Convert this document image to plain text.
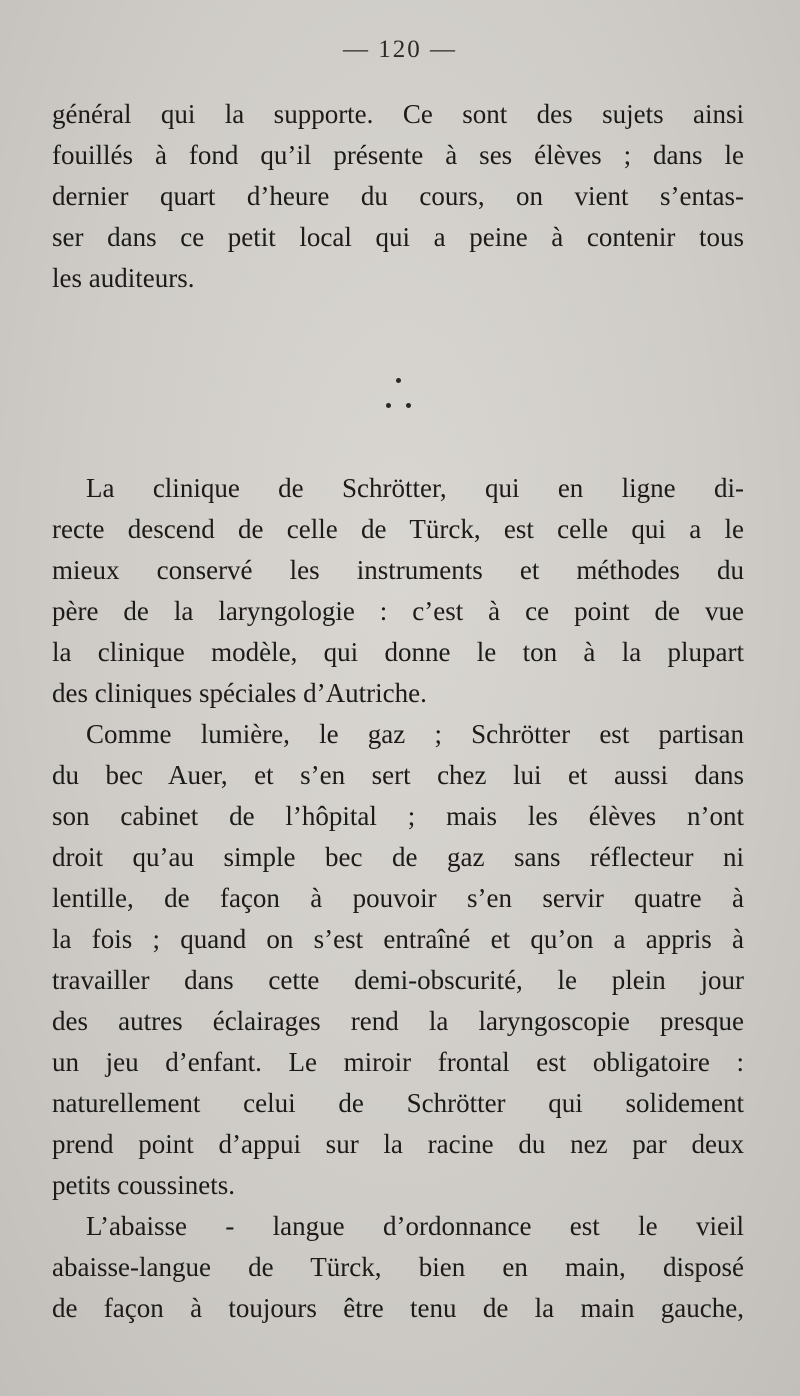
— 120 —
général qui la supporte. Ce sont des sujets ainsi
fouillés à fond qu’il présente à ses élèves ; dans le
dernier quart d’heure du cours, on vient s’entas-
ser dans ce petit local qui a peine à contenir tous
les auditeurs.
La clinique de Schrötter, qui en ligne di-
recte descend de celle de Türck, est celle qui a le
mieux conservé les instruments et méthodes du
père de la laryngologie : c’est à ce point de vue
la clinique modèle, qui donne le ton à la plupart
des cliniques spéciales d’Autriche.
Comme lumière, le gaz ; Schrötter est partisan
du bec Auer, et s’en sert chez lui et aussi dans
son cabinet de l’hôpital ; mais les élèves n’ont
droit qu’au simple bec de gaz sans réflecteur ni
lentille, de façon à pouvoir s’en servir quatre à
la fois ; quand on s’est entraîné et qu’on a appris à
travailler dans cette demi-obscurité, le plein jour
des autres éclairages rend la laryngoscopie presque
un jeu d’enfant. Le miroir frontal est obligatoire :
naturellement celui de Schrötter qui solidement
prend point d’appui sur la racine du nez par deux
petits coussinets.
L’abaisse - langue d’ordonnance est le vieil
abaisse-langue de Türck, bien en main, disposé
de façon à toujours être tenu de la main gauche,
